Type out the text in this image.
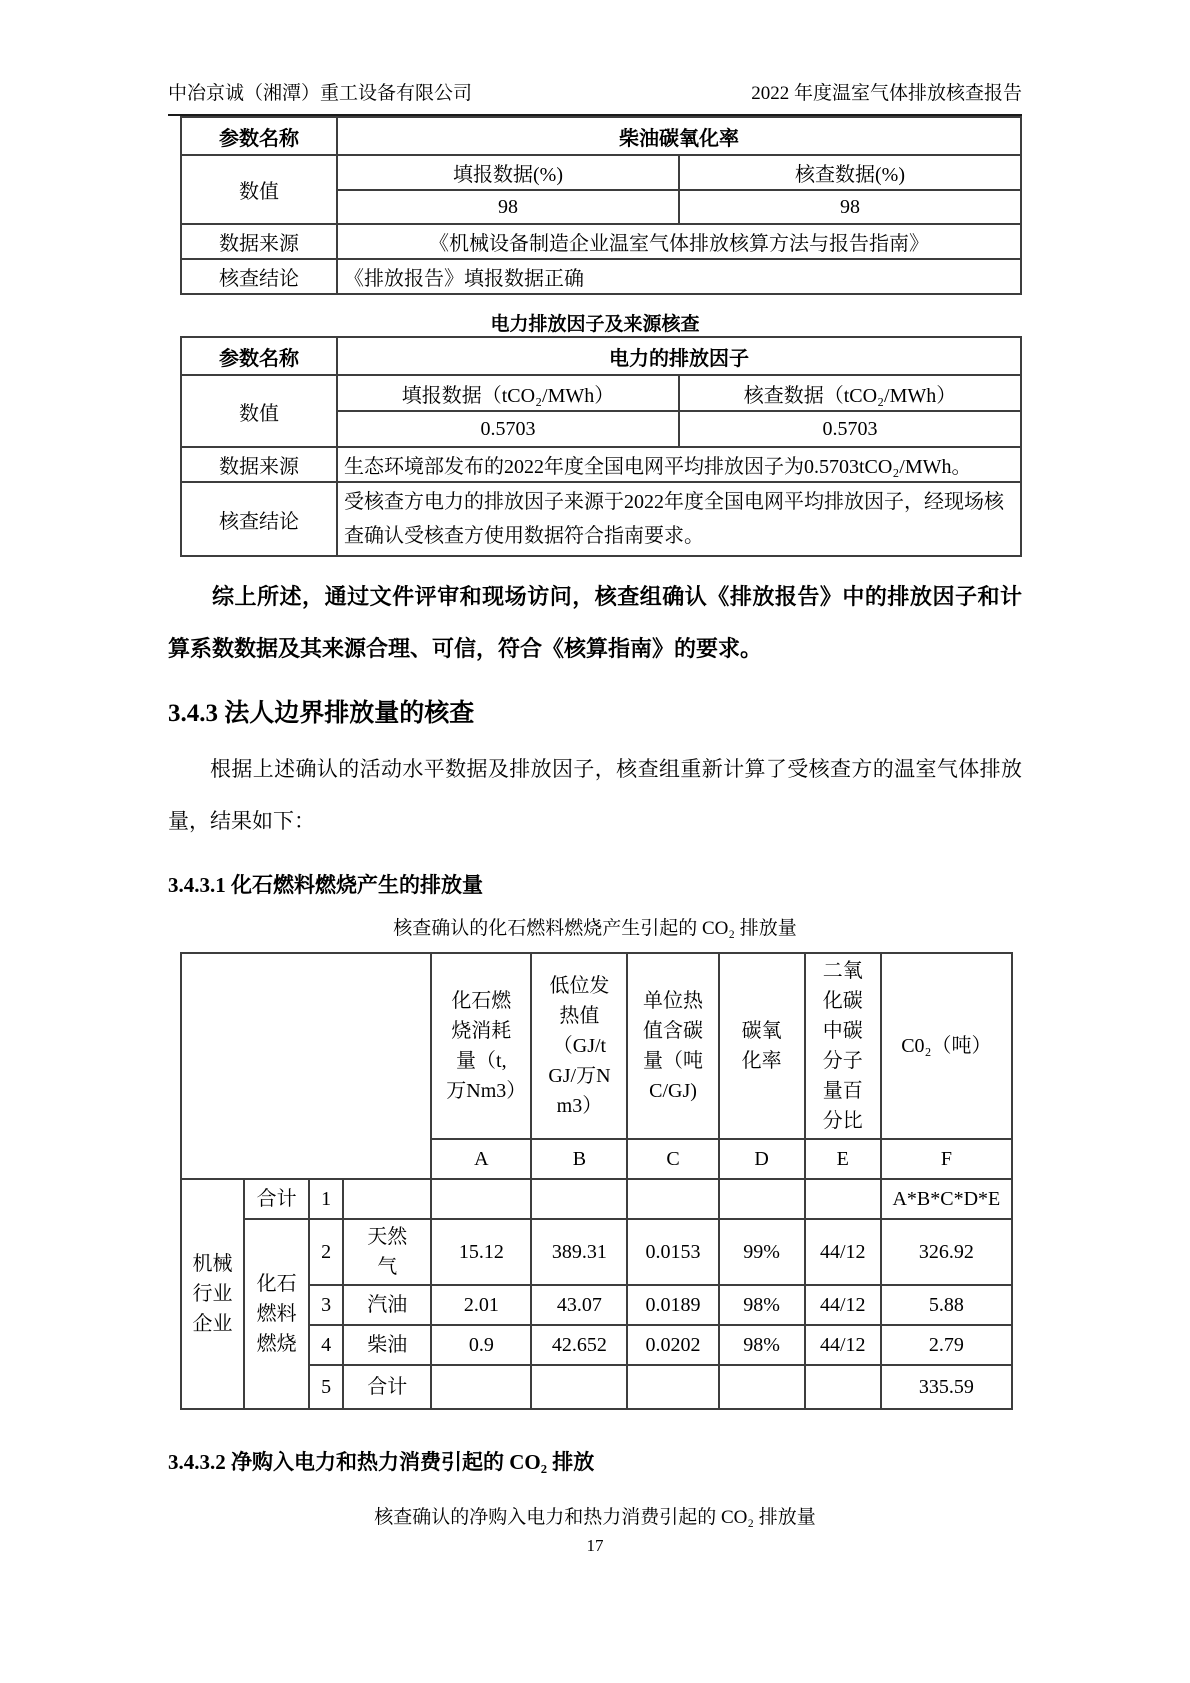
中冶京诚（湘潭）重工设备有限公司	2022 年度温室气体排放核查报告
参数名称	柴油碳氧化率	
数值	填报数据(%)	核查数据(%)
	98	98
数据来源	《机械设备制造企业温室气体排放核算方法与报告指南》	
核查结论	《排放报告》填报数据正确	
电力排放因子及来源核查
参数名称	电力的排放因子	
数值	填报数据（tCO₂/MWh）	核查数据（tCO₂/MWh）
	0.5703	0.5703
数据来源	生态环境部发布的2022年度全国电网平均排放因子为0.5703tCO₂/MWh。	
核查结论	受核查方电力的排放因子来源于2022年度全国电网平均排放因子，经现场核查确认受核查方使用数据符合指南要求。	

综上所述，通过文件评审和现场访问，核查组确认《排放报告》中的排放因子和计算系数数据及其来源合理、可信，符合《核算指南》的要求。

3.4.3 法人边界排放量的核查

根据上述确认的活动水平数据及排放因子，核查组重新计算了受核查方的温室气体排放量，结果如下：

3.4.3.1 化石燃料燃烧产生的排放量
核查确认的化石燃料燃烧产生引起的 CO₂ 排放量
				化石燃烧消耗量（t,万Nm3）	低位发热值（GJ/t GJ/万Nm3）	单位热值含碳量（吨C/GJ)	碳氧化率	二氧化碳中碳分子量百分比	C0₂（吨）
				A	B	C	D	E	F
机械行业企业	合计	1							A*B*C*D*E
	化石燃料燃烧	2	天然气	15.12	389.31	0.0153	99%	44/12	326.92
		3	汽油	2.01	43.07	0.0189	98%	44/12	5.88
		4	柴油	0.9	42.652	0.0202	98%	44/12	2.79
		5	合计						335.59
3.4.3.2 净购入电力和热力消费引起的 CO₂ 排放
核查确认的净购入电力和热力消费引起的 CO₂ 排放量
17
